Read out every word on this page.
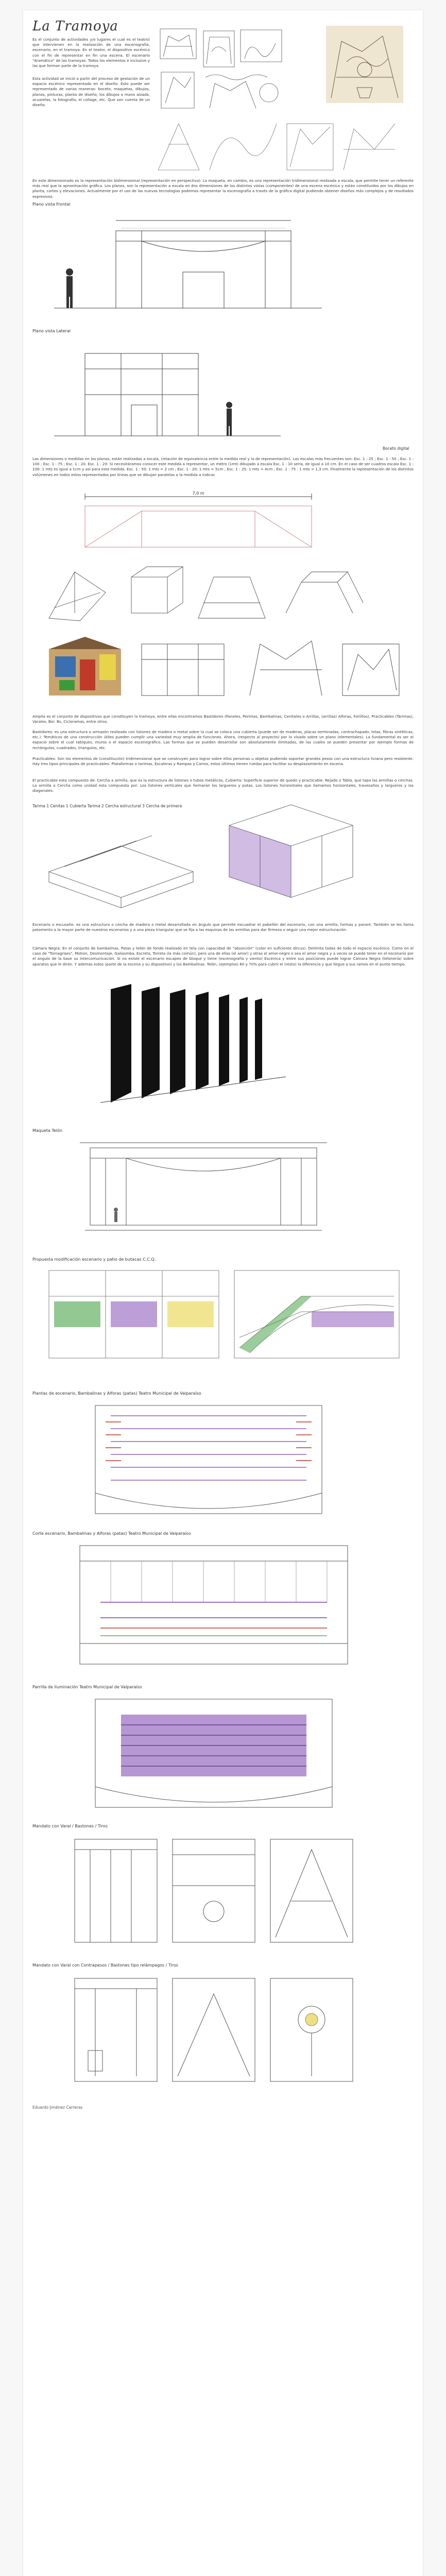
La Tramoya
Es el conjunto de actividades y/o lugares el cual es el teatro) que intervienen en la realización de una escenografía, escenario, en el tramoya. En el teatro, el dispositivo escénico con el fin de representar en fin una escena. El escenario "dramático" de las tramoyas. Todos los elementos e inclusive y las que forman parte de la tramoya.
Esta actividad se inició a partir del proceso de gestación de un espacio escénico representado en el diseño. Esto puede ser representado de varias maneras: boceto, maquetas, dibujos, planos, pinturas, planta de diseño, los dibujos a mano alzada, acuarelas, la fotografía, el collage, etc. Que son cuenta de un diseño.
En este dimensionado es la representación bidimensional (representación en perspectiva). La maqueta, en cambio, es una representación tridimensional realizada a escala, que permite tener un referente más real que la aproximación gráfica. Los planos, son la representación a escala en dos dimensiones de los distintos vistas (componentes) de una escena escénica y están constituidos por los dibujos en planta, cortes y elevaciones. Actualmente por el uso de las nuevas tecnologías podemos representar la escenografía a través de la gráfica digital pudiendo obtener diseños más complejos y de resultados expresivos.
Plano vista Frontal
Plano vista Lateral
Boceto digital
Las dimensiones o medidas en los planos, están realizadas a escala, (relación de equivalencia entre la medida real y la de representación). Las escalas más frecuentes son: Esc. 1 : 25 ; Esc. 1 : 50 ; Esc. 1 : 100 ; Esc. 1 : 75 ; Esc. 1 : 20. Esc. 1 : 20: Si necesitáramos conocer este medida a representar, un metro (1mt) dibujado a escala Esc. 1 : 10 sería, de igual a 10 cm. En el caso de ser cuadros escala Esc. 1 : 100: 1 mts es igual a 1cm y así para esta medida. Esc. 1 : 50: 1 mts = 2 cm ; Esc. 1 : 20: 1 mts = 5cm ; Esc. 1 : 25: 1 mts = 4cm ; Esc. 1 : 75 : 1 mts = 1,3 cm. Finalmente la representación de los distintos volúmenes en todos estos representados por líneas que se dibujan paralelas a la medida a indicar.
7,0 m
Amplia es el conjunto de dispositivos que constituyen la tramoya, entre ellas encontramos Bastidores (Paneles, Perimas, Bambalinas, Cenitales o Arrillas, (arrillas) Alforas, Foriillos), Practicables (Tarimas), Varales, Bor. Bs, Cicloramas, entre otros.
Bastidores: es una estructura o armazón realizado con listones de madera o metal sobre la cual se coloca una cubierta (puede ser de maderas, placas terminadas, contrachapado, telas, fibras sintéticas, etc.). Temáticos de una construcción útiles pueden cumplir una variedad muy amplia de funciones. Ahora, (respecto al proyecto) por lo visado sobre un plano (elementales). La fundamental es ser el espacio sobre el cual tabiques, muros o el espacio escenográfico. Las formas que se pueden desarrollar son absolutamente ilimitadas, de las cuales se pueden presentar por ejemplo formas de rectángulos, cuadrados, triangulos, etc.
Practicables: Son los elementos de (constitución) tridimensional que se construyen para lograr sobre ellos personas u objetos pudiendo soportar grandes pesos con una estructura liviana pero resistente. Hay tres tipos principales de practicables: Plataformas o tarimas, Escaleras y Rampas y Carros, estos últimos tienen ruedas para facilitar su desplazamiento en escena.
El practicable esta compuesto de: Cercha a armilla, que es la estructura de listones o tubos metálicos, Cubierta: Superficie superior de quedo y practicable. Rejado o Tabla, que tapa las armillas o cerchas. La armilla o Cercha como unidad esta compuesta por: Los listones verticales que formarán los largueros y patas. Los listones horizontales que llamamos horizontales, travesaños y largueros y las diagonales.
Tarima 1 Cenitas 1 Cubierta Tarima 2 Cercha estructural 3 Cercha de primera
Escenario o escusaño: es una estructura o cercha de madera o metal desarrollada en ángulo que permite escuadrar el pabellón del escenario, con una armilla, formas y parant. También se les llama patamento a la mayor parte de nuestros escenarios y a una pieza triangular que se fija a las esquinas de las armillas para dar firmeza o seguir una mejor estructuración.
Cámara Negra: En el conjunto de bambalinas, Patas y telón de fondo realizado en tela con capacidad de "absorción" (color en suficiente dircus). Delimita todas de todo el espacio escénico. Como en el caso de "Tornagrises", Motion, Desmontaje, Galiasmba, Escreta, Torreta (la más común), pero una de ellas (el amor) y otras el amor-negro o sea el amor negra y a veces se puede tener en el escenario por el ángulo de la base su Intercomunicación. Si no existe el escenario escapes de bloque y tiene (escenografía y viento) Escénica y entre sus posiciones puede lograr Cámara Negra (telonería) sobre aparatos que le dirán. Y además estos (parte de la escena y su dispositivo) y los Bambalinas. Telón, (ejemplos) 60 y 70% para cubrir el (resto) la diferencia y que llegue a sus ramos en el punto tiempo.
Maqueta Telón
Propuesta modificación escenario y patio de butacas C.C.Q.
Plantas de escenario, Bambalinas y Alforas (patas) Teatro Municipal de Valparaíso
Corte escenario, Bambalinas y Alforas (patas) Teatro Municipal de Valparaíso
Parrilla de iluminación Teatro Municipal de Valparaíso
Mandato con Varal / Bastones / Tiros
Mandato con Varal con Contrapesos / Bastones tipo relámpagos / Tiros
Eduardo Jiménez Carreras
